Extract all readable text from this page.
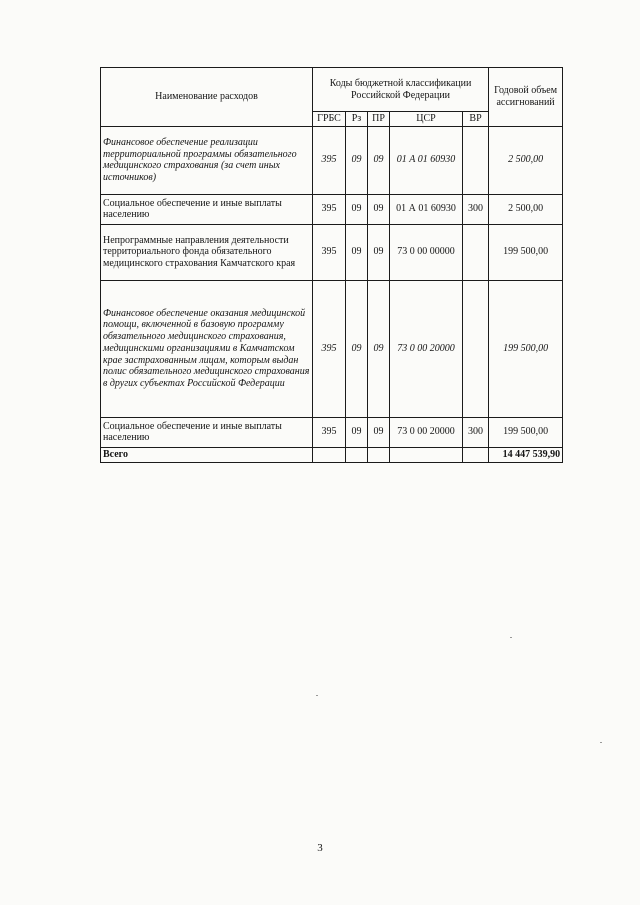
Наименование расходов	Коды бюджетной классификации Российской Федерации					Годовой объем ассигнований
	ГРБС	Рз	ПР	ЦСР	ВР	
Финансовое обеспечение реализации территориальной программы обязательного медицинского страхования (за счет иных источников)	395	09	09	01 А 01 60930		2 500,00
Социальное обеспечение и иные выплаты населению	395	09	09	01 А 01 60930	300	2 500,00
Непрограммные направления деятельности территориального фонда обязательного медицинского страхования Камчатского края	395	09	09	73 0 00 00000		199 500,00
Финансовое обеспечение оказания медицинской помощи, включенной в базовую программу обязательного медицинского страхования, медицинскими организациями в Камчатском крае застрахованным лицам, которым выдан полис обязательного медицинского страхования в других субъектах Российской Федерации	395	09	09	73 0 00 20000		199 500,00
Социальное обеспечение и иные выплаты населению	395	09	09	73 0 00 20000	300	199 500,00
Всего						14 447 539,90
3
